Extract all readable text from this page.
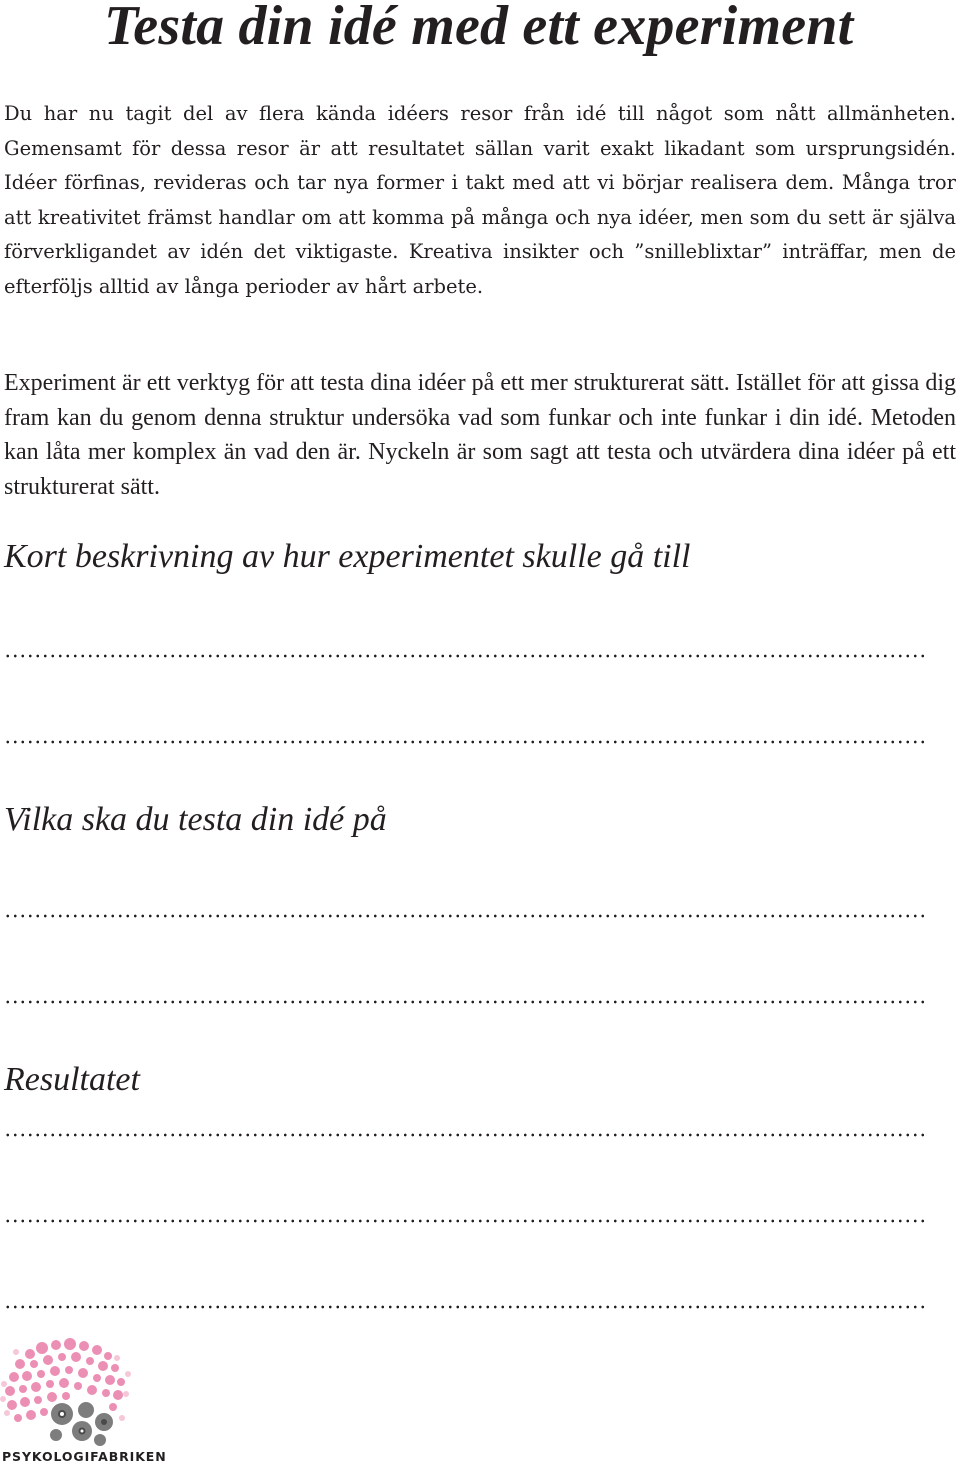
Testa din idé med ett experiment

Du har nu tagit del av flera kända idéers resor från idé till något som nått allmänheten. Gemensamt för dessa resor är att resultatet sällan varit exakt likadant som ursprungsidén. Idéer förfinas, revideras och tar nya former i takt med att vi börjar realisera dem. Många tror att kreativitet främst handlar om att komma på många och nya idéer, men som du sett är själva förverkligandet av idén det viktigaste. Kreativa insikter och ”snilleblixtar” inträffar, men de efterföljs alltid av långa perioder av hårt arbete.

Experiment är ett verktyg för att testa dina idéer på ett mer strukturerat sätt. Istället för att gissa dig fram kan du genom denna struktur undersöka vad som funkar och inte funkar i din idé. Metoden kan låta mer komplex än vad den är. Nyckeln är som sagt att testa och utvärdera dina idéer på ett strukturerat sätt.

Kort beskrivning av hur experimentet skulle gå till
Vilka ska du testa din idé på
Resultatet
PSYKOLOGIFABRIKEN
